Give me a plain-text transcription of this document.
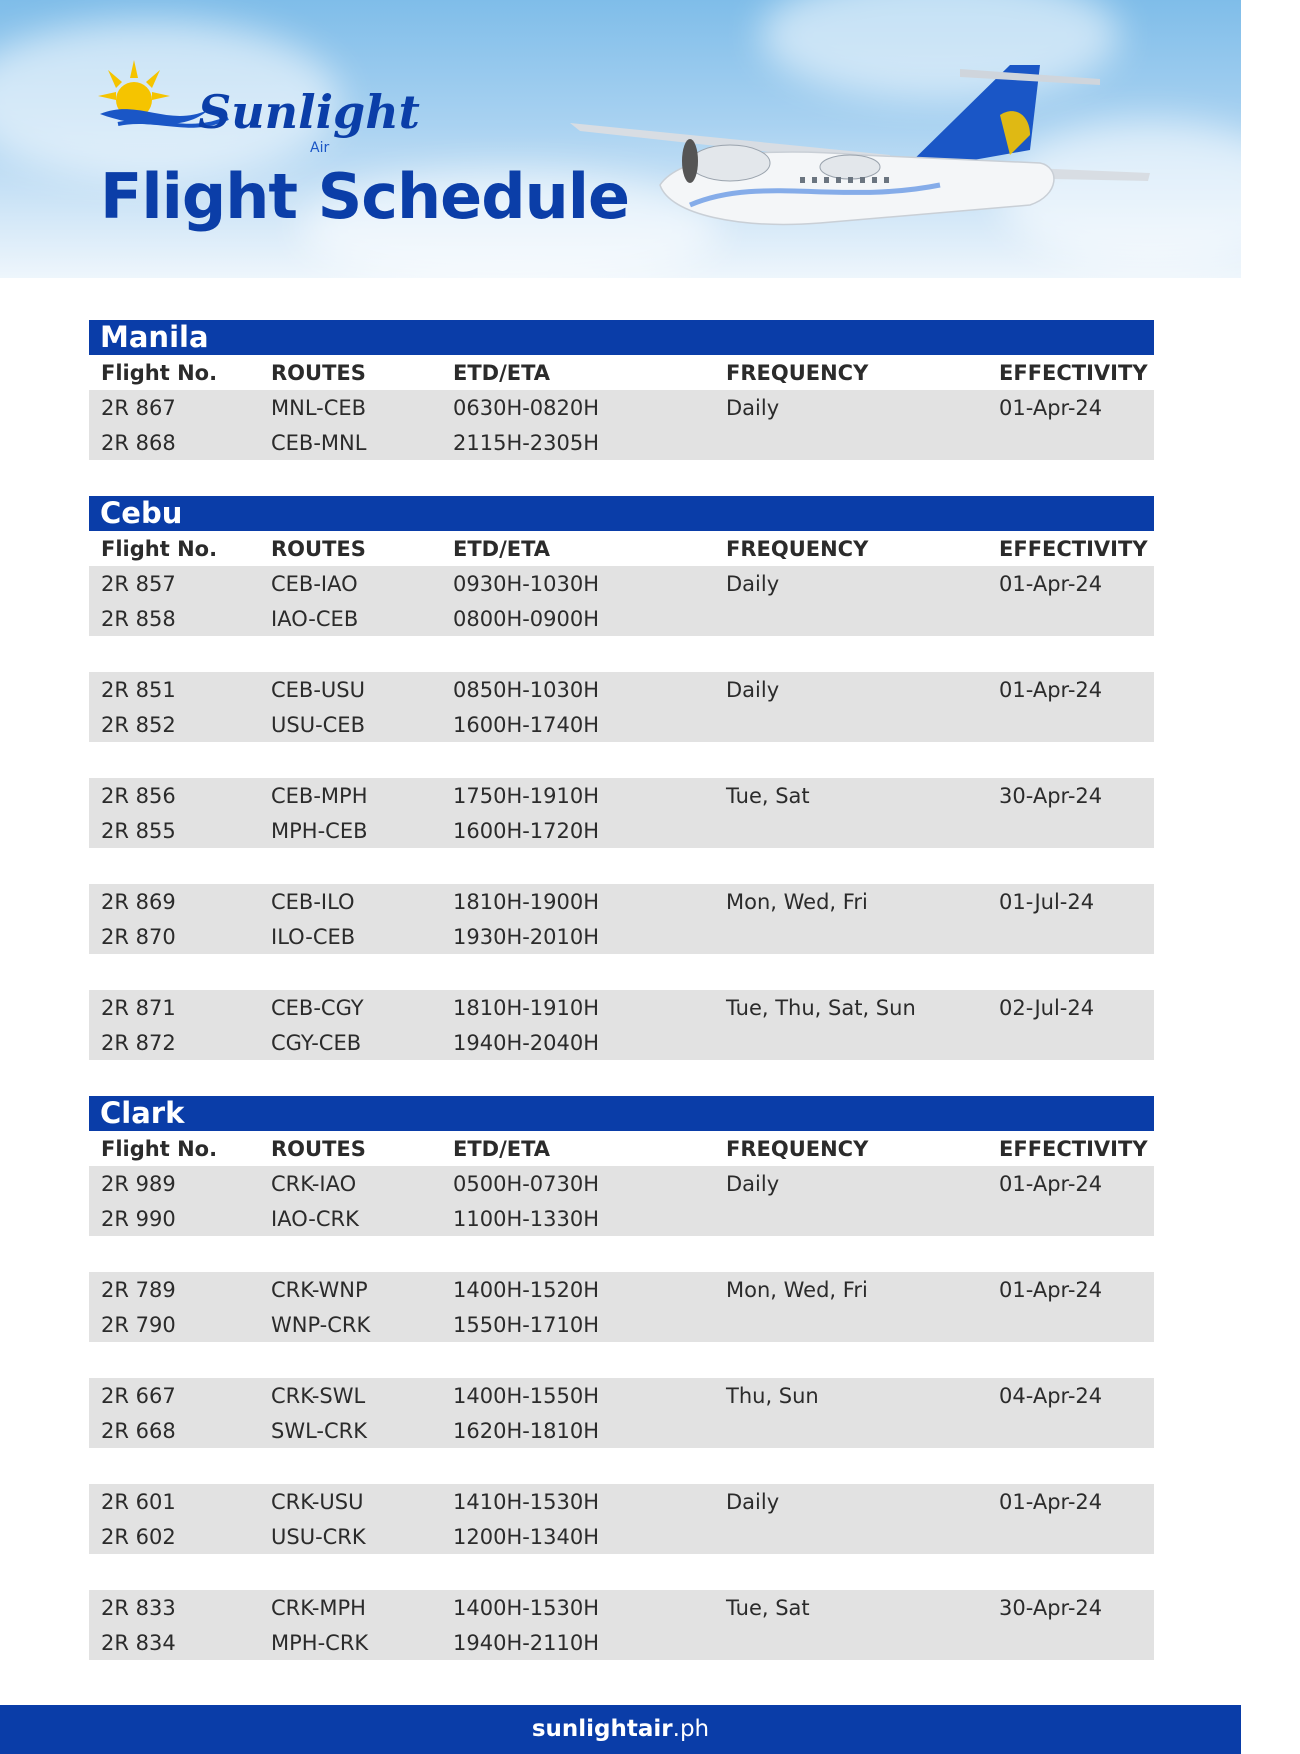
Sunlight
Air
Flight Schedule
Manila
Flight No.	ROUTES	ETD/ETA	FREQUENCY	EFFECTIVITY
2R 867	MNL-CEB	0630H-0820H	Daily	01-Apr-24
2R 868	CEB-MNL	2115H-2305H
Cebu
Flight No.	ROUTES	ETD/ETA	FREQUENCY	EFFECTIVITY
2R 857	CEB-IAO	0930H-1030H	Daily	01-Apr-24
2R 858	IAO-CEB	0800H-0900H
2R 851	CEB-USU	0850H-1030H	Daily	01-Apr-24
2R 852	USU-CEB	1600H-1740H
2R 856	CEB-MPH	1750H-1910H	Tue, Sat	30-Apr-24
2R 855	MPH-CEB	1600H-1720H
2R 869	CEB-ILO	1810H-1900H	Mon, Wed, Fri	01-Jul-24
2R 870	ILO-CEB	1930H-2010H
2R 871	CEB-CGY	1810H-1910H	Tue, Thu, Sat, Sun	02-Jul-24
2R 872	CGY-CEB	1940H-2040H
Clark
Flight No.	ROUTES	ETD/ETA	FREQUENCY	EFFECTIVITY
2R 989	CRK-IAO	0500H-0730H	Daily	01-Apr-24
2R 990	IAO-CRK	1100H-1330H
2R 789	CRK-WNP	1400H-1520H	Mon, Wed, Fri	01-Apr-24
2R 790	WNP-CRK	1550H-1710H
2R 667	CRK-SWL	1400H-1550H	Thu, Sun	04-Apr-24
2R 668	SWL-CRK	1620H-1810H
2R 601	CRK-USU	1410H-1530H	Daily	01-Apr-24
2R 602	USU-CRK	1200H-1340H
2R 833	CRK-MPH	1400H-1530H	Tue, Sat	30-Apr-24
2R 834	MPH-CRK	1940H-2110H
sunlightair.ph
